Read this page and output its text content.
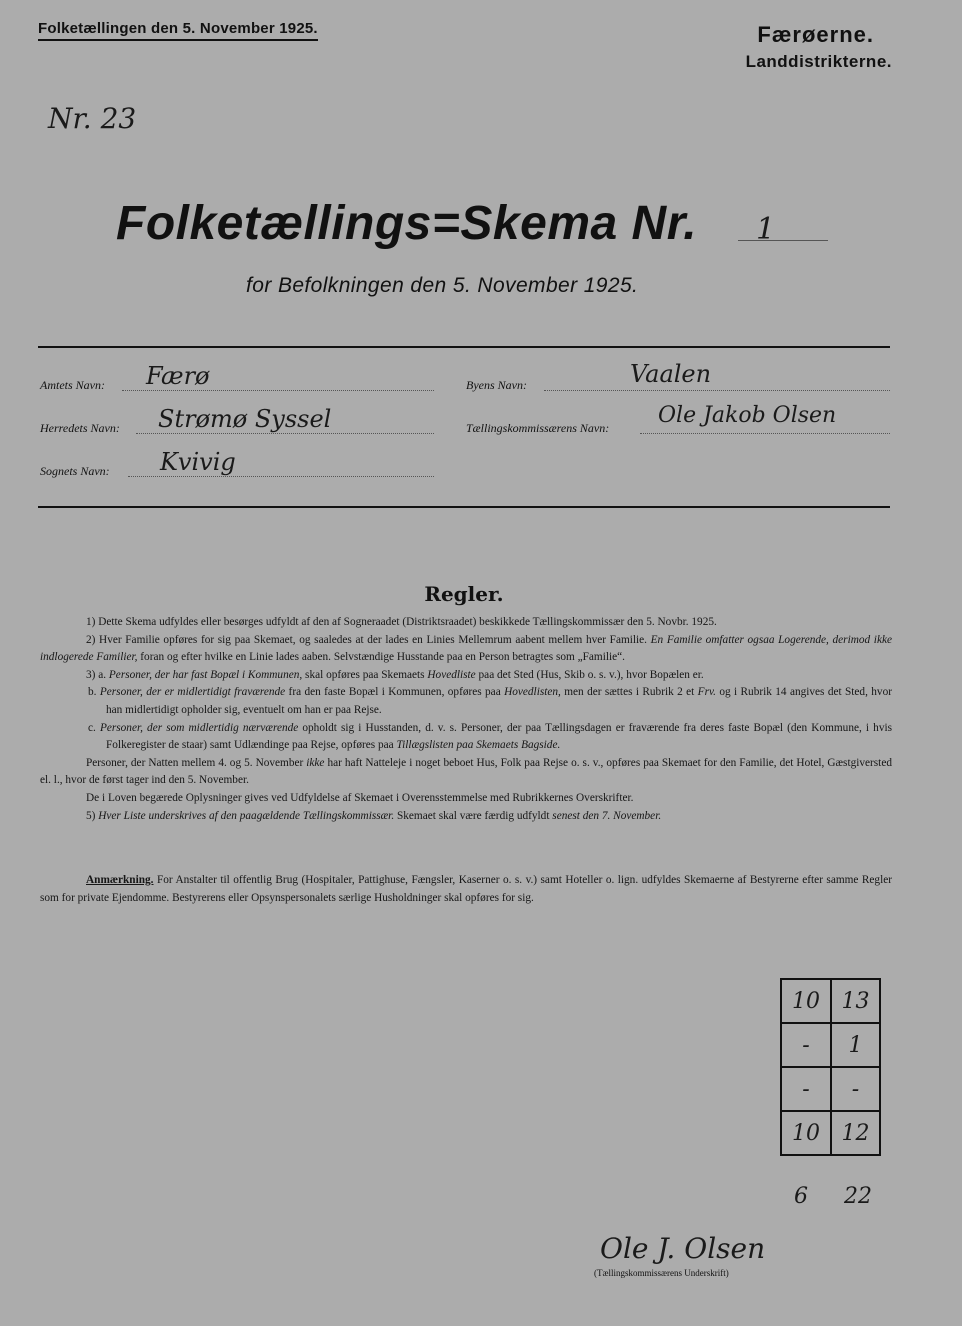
Folketællingen den 5. November 1925.	Færøerne.
Landdistrikterne.
Nr. 23
Folketællings=Skema Nr. 1
for Befolkningen den 5. November 1925.
Amtets Navn: Færø
Herredets Navn: Strømø Syssel
Sognets Navn: Kvivig
Byens Navn:	Vaalen
Tællingskommissærens Navn: Ole Jakob Olsen
Regler.

1) Dette Skema udfyldes eller besørges udfyldt af den af Sogneraadet (Distriktsraadet) beskikkede Tællingskommissær den 5. Novbr. 1925.

2) Hver Familie opføres for sig paa Skemaet, og saaledes at der lades en Linies Mellemrum aabent mellem hver Familie. En Familie omfatter ogsaa Logerende, derimod ikke indlogerede Familier, foran og efter hvilke en Linie lades aaben. Selvstændige Husstande paa en Person betragtes som „Familie“.

3) a. Personer, der har fast Bopæl i Kommunen, skal opføres paa Skemaets Hovedliste paa det Sted (Hus, Skib o. s. v.), hvor Bopælen er.

b. Personer, der er midlertidigt fraværende fra den faste Bopæl i Kommunen, opføres paa Hovedlisten, men der sættes i Rubrik 2 et Frv. og i Rubrik 14 angives det Sted, hvor han midlertidigt opholder sig, eventuelt om han er paa Rejse.

c. Personer, der som midlertidig nærværende opholdt sig i Husstanden, d. v. s. Personer, der paa Tællingsdagen er fraværende fra deres faste Bopæl (den Kommune, i hvis Folkeregister de staar) samt Udlændinge paa Rejse, opføres paa Tillægslisten paa Skemaets Bagside.

Personer, der Natten mellem 4. og 5. November ikke har haft Natteleje i noget beboet Hus, Folk paa Rejse o. s. v., opføres paa Skemaet for den Familie, det Hotel, Gæstgiversted el. l., hvor de først tager ind den 5. November.

De i Loven begærede Oplysninger gives ved Udfyldelse af Skemaet i Overensstemmelse med Rubrikkernes Overskrifter.

5) Hver Liste underskrives af den paagældende Tællingskommissær. Skemaet skal være færdig udfyldt senest den 7. November.

Anmærkning. For Anstalter til offentlig Brug (Hospitaler, Pattighuse, Fængsler, Kaserner o. s. v.) samt Hoteller o. lign. udfyldes Skemaerne af Bestyrerne efter samme Regler som for private Ejendomme. Bestyrerens eller Opsynspersonalets særlige Husholdninger skal opføres for sig.
10	13
-	1
-	-
10	12
6 22
Ole J. Olsen
(Tællingskommissærens Underskrift)
